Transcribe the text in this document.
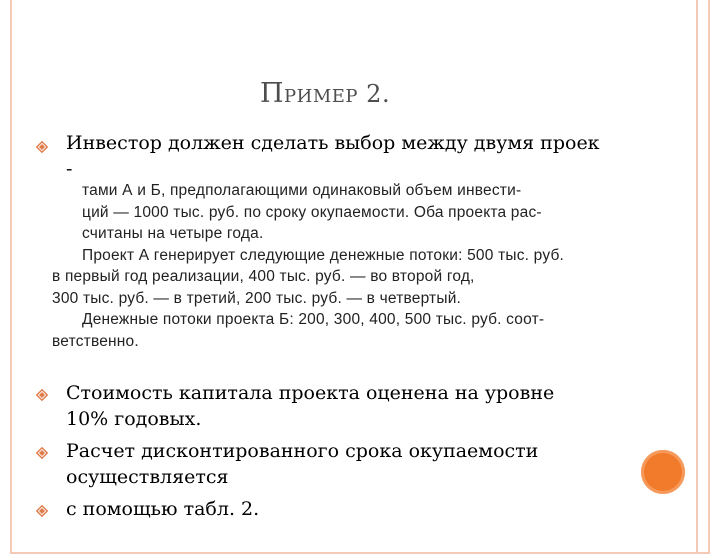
ПРИМЕР 2.
Инвестор должен сделать выбор между двумя проек
-
тами А и Б, предполагающими одинаковый объем инвести-
ций — 1000 тыс. руб. по сроку окупаемости. Оба проекта рас-
считаны на четыре года.
Проект А генерирует следующие денежные потоки: 500 тыс. руб.
в первый год реализации, 400 тыс. руб. — во второй год,
300 тыс. руб. — в третий, 200 тыс. руб. — в четвертый.
Денежные потоки проекта Б: 200, 300, 400, 500 тыс. руб. соот-
ветственно.
Стоимость капитала проекта оценена на уровне
10% годовых.
Расчет дисконтированного срока окупаемости
осуществляется
с помощью табл. 2.
